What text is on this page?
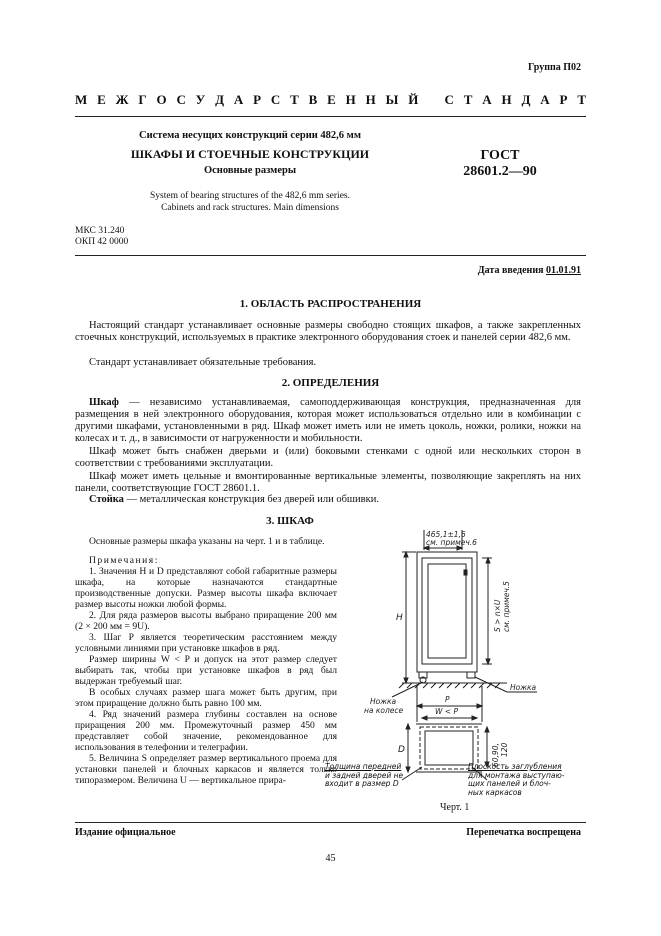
Группа П02
М Е Ж Г О С У Д А Р С Т В Е Н Н Ы Й
С Т А Н Д А Р Т
Система несущих конструкций серии 482,6 мм
ШКАФЫ И СТОЕЧНЫЕ КОНСТРУКЦИИ
Основные размеры
ГОСТ
28601.2—90
System of bearing structures of the 482,6 mm series.
Cabinets and rack structures. Main dimensions
МКС 31.240
ОКП 42 0000
Дата введения 01.01.91
1. ОБЛАСТЬ РАСПРОСТРАНЕНИЯ
Настоящий стандарт устанавливает основные размеры свободно стоящих шкафов, а также закрепленных стоечных конструкций, используемых в практике электронного оборудования стоек и панелей серии 482,6 мм.
Стандарт устанавливает обязательные требования.
2. ОПРЕДЕЛЕНИЯ
Шкаф — независимо устанавливаемая, самоподдерживающая конструкция, предназначенная для размещения в ней электронного оборудования, которая может использоваться отдельно или в комбинации с другими шкафами, установленными в ряд. Шкаф может иметь или не иметь цоколь, ножки, ролики, ножки на колесах и т. д., в зависимости от нагруженности и мобильности.
Шкаф может быть снабжен дверьми и (или) боковыми стенками с одной или нескольких сторон в соответствии с требованиями эксплуатации.
Шкаф может иметь цельные и вмонтированные вертикальные элементы, позволяющие закреплять на них панели, соответствующие ГОСТ 28601.1.
Стойка — металлическая конструкция без дверей или обшивки.
3. ШКАФ

Основные размеры шкафа указаны на черт. 1 и в таблице.

Примечания:

1. Значения H и D представляют собой габаритные размеры шкафа, на которые назначаются стандартные производственные допуски. Размер высоты шкафа включает размер высоты ножки любой формы.

2. Для ряда размеров высоты выбрано приращение 200 мм (2 × 200 мм = 9U).

3. Шаг P является теоретическим расстоянием между условными линиями при установке шкафов в ряд.

Размер ширины W < P и допуск на этот размер следует выбирать так, чтобы при установке шкафов в ряд был выдержан требуемый шаг.

В особых случаях размер шага может быть другим, при этом приращение должно быть равно 100 мм.

4. Ряд значений размера глубины составлен на основе приращения 200 мм. Промежуточный размер 450 мм представляет собой значение, рекомендованное для использования в телефонии и телеграфии.

5. Величина S определяет размер вертикального проема для установки панелей и блочных каркасов и является только типоразмером. Величина U — вертикальное прира-

465,1±1,6
см. примеч.6
H	S > n×U см. примеч.5
Ножка
Ножка
на колесе
P
W < P
D	60,90, 120
Толщина передней
и задней дверей не
входит в размер D
Плоскость заглубления
для монтажа выступаю-
щих панелей и блоч-
ных каркасов
Черт. 1
Издание официальное	Перепечатка воспрещена
45
